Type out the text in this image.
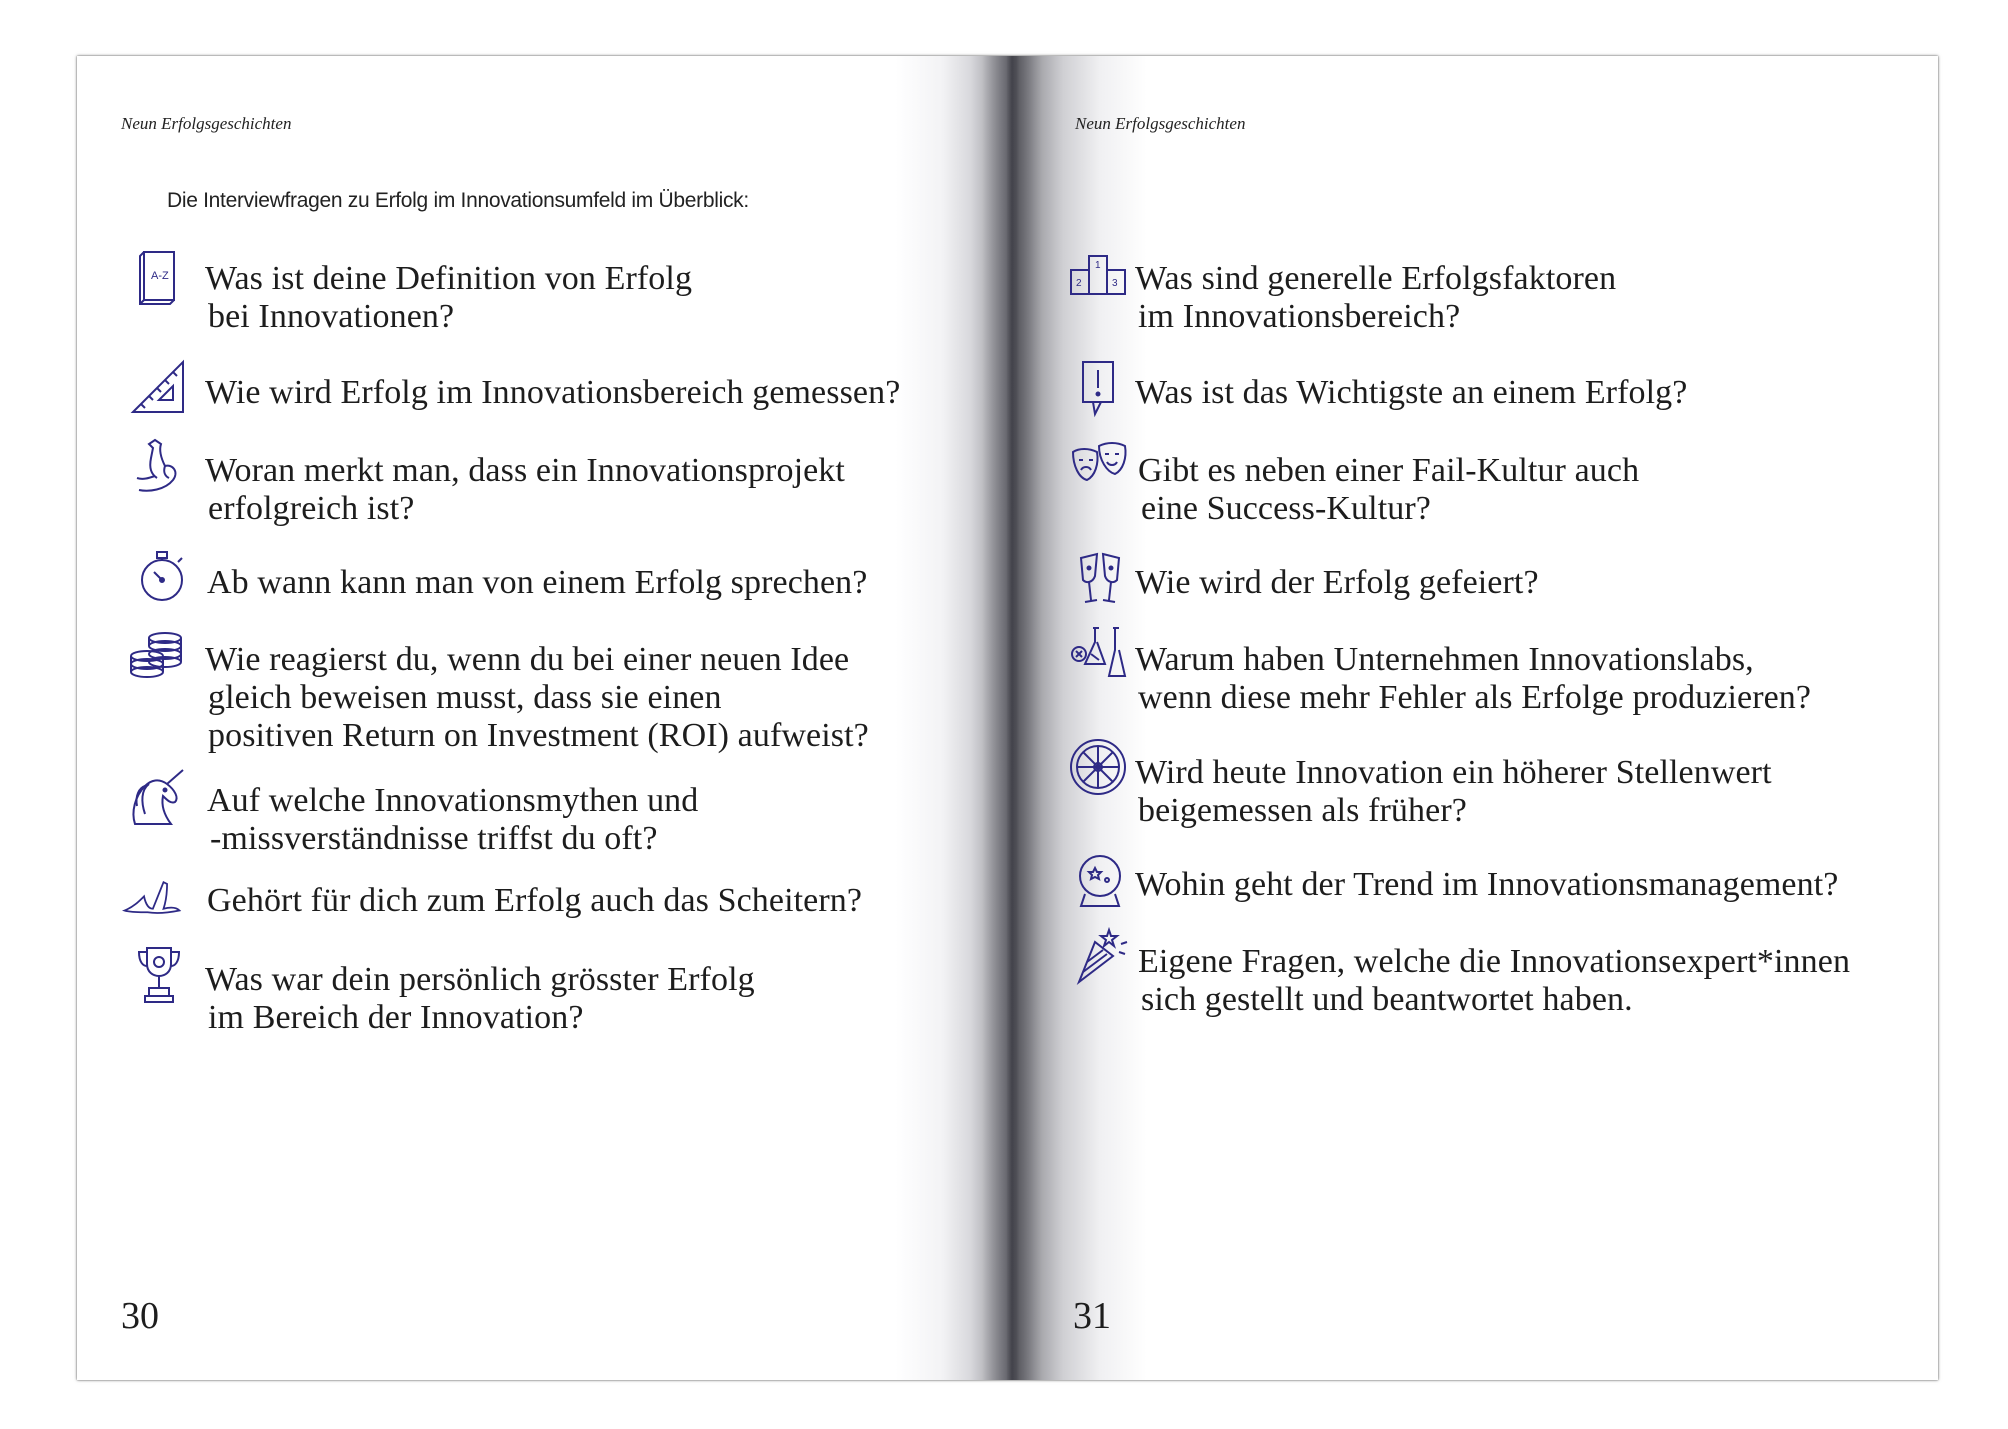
Neun Erfolgsgeschichten
Die Interviewfragen zu Erfolg im Innovationsumfeld im Überblick:
A-Z Was ist deine Definition von Erfolg
bei Innovationen?
Wie wird Erfolg im Innovationsbereich gemessen?
Woran merkt man, dass ein Innovationsprojekt
erfolgreich ist?
Ab wann kann man von einem Erfolg sprechen?
Wie reagierst du, wenn du bei einer neuen Idee
gleich beweisen musst, dass sie einen
positiven Return on Investment (ROI) aufweist?
Auf welche Innovationsmythen und
-missverständnisse triffst du oft?
Gehört für dich zum Erfolg auch das Scheitern?
Was war dein persönlich grösster Erfolg
im Bereich der Innovation?
30
Neun Erfolgsgeschichten
1
2	3 Was sind generelle Erfolgsfaktoren
im Innovationsbereich?
Was ist das Wichtigste an einem Erfolg?
Gibt es neben einer Fail-Kultur auch
eine Success-Kultur?
Wie wird der Erfolg gefeiert?
Warum haben Unternehmen Innovationslabs,
wenn diese mehr Fehler als Erfolge produzieren?
Wird heute Innovation ein höherer Stellenwert
beigemessen als früher?
Wohin geht der Trend im Innovationsmanagement?
Eigene Fragen, welche die Innovationsexpert*innen
sich gestellt und beantwortet haben.
31
